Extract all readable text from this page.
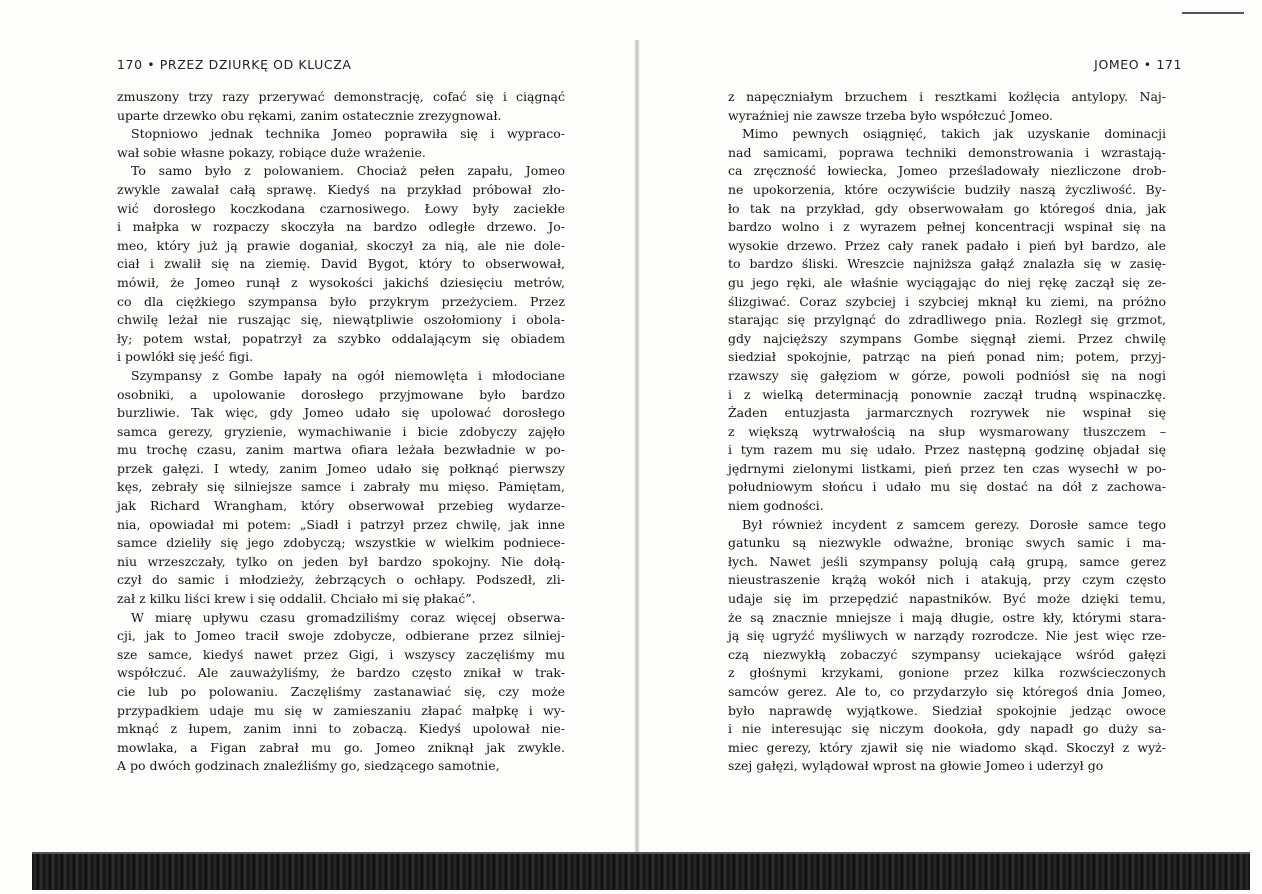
170 • PRZEZ DZIURKĘ OD KLUCZA
zmuszony trzy razy przerywać demonstrację, cofać się i ciągnąć
uparte drzewko obu rękami, zanim ostatecznie zrezygnował.
Stopniowo jednak technika Jomeo poprawiła się i wypraco-
wał sobie własne pokazy, robiące duże wrażenie.
To samo było z polowaniem. Chociaż pełen zapału, Jomeo
zwykle zawalał całą sprawę. Kiedyś na przykład próbował zło-
wić dorosłego koczkodana czarnosiwego. Łowy były zaciekłe
i małpka w rozpaczy skoczyła na bardzo odległe drzewo. Jo-
meo, który już ją prawie doganiał, skoczył za nią, ale nie dole-
ciał i zwalił się na ziemię. David Bygot, który to obserwował,
mówił, że Jomeo runął z wysokości jakichś dziesięciu metrów,
co dla ciężkiego szympansa było przykrym przeżyciem. Przez
chwilę leżał nie ruszając się, niewątpliwie oszołomiony i obola-
ły; potem wstał, popatrzył za szybko oddalającym się obiadem
i powlókł się jeść figi.
Szympansy z Gombe łapały na ogół niemowlęta i młodociane
osobniki, a upolowanie dorosłego przyjmowane było bardzo
burzliwie. Tak więc, gdy Jomeo udało się upolować dorosłego
samca gerezy, gryzienie, wymachiwanie i bicie zdobyczy zajęło
mu trochę czasu, zanim martwa ofiara leżała bezwładnie w po-
przek gałęzi. I wtedy, zanim Jomeo udało się połknąć pierwszy
kęs, zebrały się silniejsze samce i zabrały mu mięso. Pamiętam,
jak Richard Wrangham, który obserwował przebieg wydarze-
nia, opowiadał mi potem: „Siadł i patrzył przez chwilę, jak inne
samce dzieliły się jego zdobyczą; wszystkie w wielkim podniece-
niu wrzeszczały, tylko on jeden był bardzo spokojny. Nie dołą-
czył do samic i młodzieży, żebrzących o ochłapy. Podszedł, zli-
zał z kilku liści krew i się oddalił. Chciało mi się płakać”.
W miarę upływu czasu gromadziliśmy coraz więcej obserwa-
cji, jak to Jomeo tracił swoje zdobycze, odbierane przez silniej-
sze samce, kiedyś nawet przez Gigi, i wszyscy zaczęliśmy mu
współczuć. Ale zauważyliśmy, że bardzo często znikał w trak-
cie lub po polowaniu. Zaczęliśmy zastanawiać się, czy może
przypadkiem udaje mu się w zamieszaniu złapać małpkę i wy-
mknąć z łupem, zanim inni to zobaczą. Kiedyś upolował nie-
mowlaka, a Figan zabrał mu go. Jomeo zniknął jak zwykle.
A po dwóch godzinach znaleźliśmy go, siedzącego samotnie,
JOMEO • 171
z napęczniałym brzuchem i resztkami koźlęcia antylopy. Naj-
wyraźniej nie zawsze trzeba było współczuć Jomeo.
Mimo pewnych osiągnięć, takich jak uzyskanie dominacji
nad samicami, poprawa techniki demonstrowania i wzrastają-
ca zręczność łowiecka, Jomeo prześladowały niezliczone drob-
ne upokorzenia, które oczywiście budziły naszą życzliwość. By-
ło tak na przykład, gdy obserwowałam go któregoś dnia, jak
bardzo wolno i z wyrazem pełnej koncentracji wspinał się na
wysokie drzewo. Przez cały ranek padało i pień był bardzo, ale
to bardzo śliski. Wreszcie najniższa gałąź znalazła się w zasię-
gu jego ręki, ale właśnie wyciągając do niej rękę zaczął się ze-
ślizgiwać. Coraz szybciej i szybciej mknął ku ziemi, na próżno
starając się przylgnąć do zdradliwego pnia. Rozległ się grzmot,
gdy najcięższy szympans Gombe sięgnął ziemi. Przez chwilę
siedział spokojnie, patrząc na pień ponad nim; potem, przyj-
rzawszy się gałęziom w górze, powoli podniósł się na nogi
i z wielką determinacją ponownie zaczął trudną wspinaczkę.
Żaden entuzjasta jarmarcznych rozrywek nie wspinał się
z większą wytrwałością na słup wysmarowany tłuszczem –
i tym razem mu się udało. Przez następną godzinę objadał się
jędrnymi zielonymi listkami, pień przez ten czas wysechł w po-
południowym słońcu i udało mu się dostać na dół z zachowa-
niem godności.
Był również incydent z samcem gerezy. Dorosłe samce tego
gatunku są niezwykle odważne, broniąc swych samic i ma-
łych. Nawet jeśli szympansy polują całą grupą, samce gerez
nieustraszenie krążą wokół nich i atakują, przy czym często
udaje się im przepędzić napastników. Być może dzięki temu,
że są znacznie mniejsze i mają długie, ostre kły, którymi stara-
ją się ugryźć myśliwych w narządy rozrodcze. Nie jest więc rze-
czą niezwykłą zobaczyć szympansy uciekające wśród gałęzi
z głośnymi krzykami, gonione przez kilka rozwścieczonych
samców gerez. Ale to, co przydarzyło się któregoś dnia Jomeo,
było naprawdę wyjątkowe. Siedział spokojnie jedząc owoce
i nie interesując się niczym dookoła, gdy napadł go duży sa-
miec gerezy, który zjawił się nie wiadomo skąd. Skoczył z wyż-
szej gałęzi, wylądował wprost na głowie Jomeo i uderzył go
